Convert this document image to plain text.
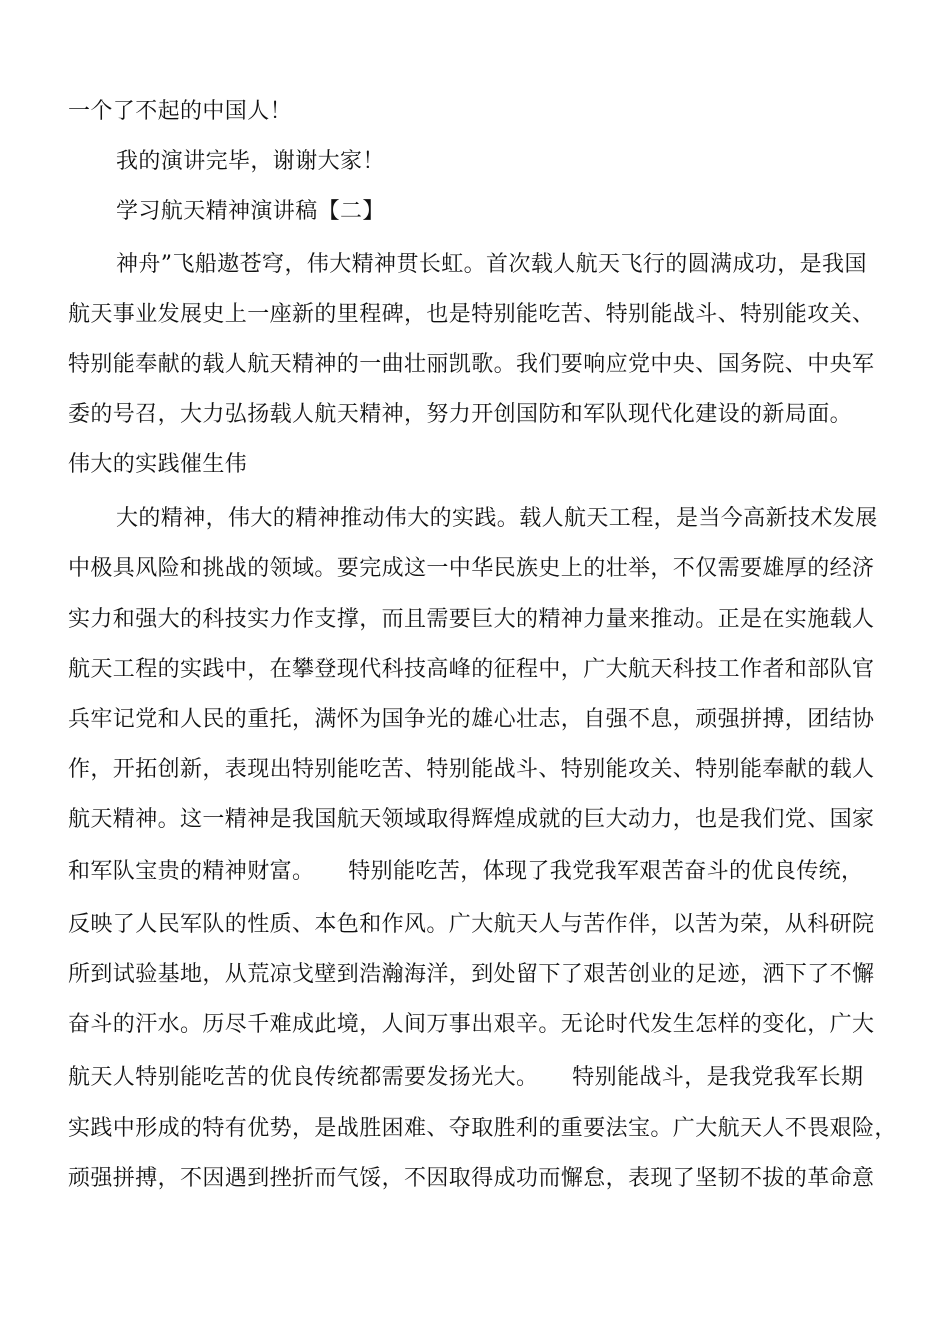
一个了不起的中国人！
我的演讲完毕，谢谢大家！
学习航天精神演讲稿【二】
神舟”飞船遨苍穹，伟大精神贯长虹。首次载人航天飞行的圆满成功，是我国
航天事业发展史上一座新的里程碑，也是特别能吃苦、特别能战斗、特别能攻关、
特别能奉献的载人航天精神的一曲壮丽凯歌。我们要响应党中央、国务院、中央军
委的号召，大力弘扬载人航天精神，努力开创国防和军队现代化建设的新局面。
伟大的实践催生伟
大的精神，伟大的精神推动伟大的实践。载人航天工程，是当今高新技术发展
中极具风险和挑战的领域。要完成这一中华民族史上的壮举，不仅需要雄厚的经济
实力和强大的科技实力作支撑，而且需要巨大的精神力量来推动。正是在实施载人
航天工程的实践中，在攀登现代科技高峰的征程中，广大航天科技工作者和部队官
兵牢记党和人民的重托，满怀为国争光的雄心壮志，自强不息，顽强拼搏，团结协
作，开拓创新，表现出特别能吃苦、特别能战斗、特别能攻关、特别能奉献的载人
航天精神。这一精神是我国航天领域取得辉煌成就的巨大动力，也是我们党、国家
和军队宝贵的精神财富。　　特别能吃苦，体现了我党我军艰苦奋斗的优良传统，
反映了人民军队的性质、本色和作风。广大航天人与苦作伴，以苦为荣，从科研院
所到试验基地，从荒凉戈壁到浩瀚海洋，到处留下了艰苦创业的足迹，洒下了不懈
奋斗的汗水。历尽千难成此境，人间万事出艰辛。无论时代发生怎样的变化，广大
航天人特别能吃苦的优良传统都需要发扬光大。　　特别能战斗，是我党我军长期
实践中形成的特有优势，是战胜困难、夺取胜利的重要法宝。广大航天人不畏艰险，
顽强拼搏，不因遇到挫折而气馁，不因取得成功而懈怠，表现了坚韧不拔的革命意
